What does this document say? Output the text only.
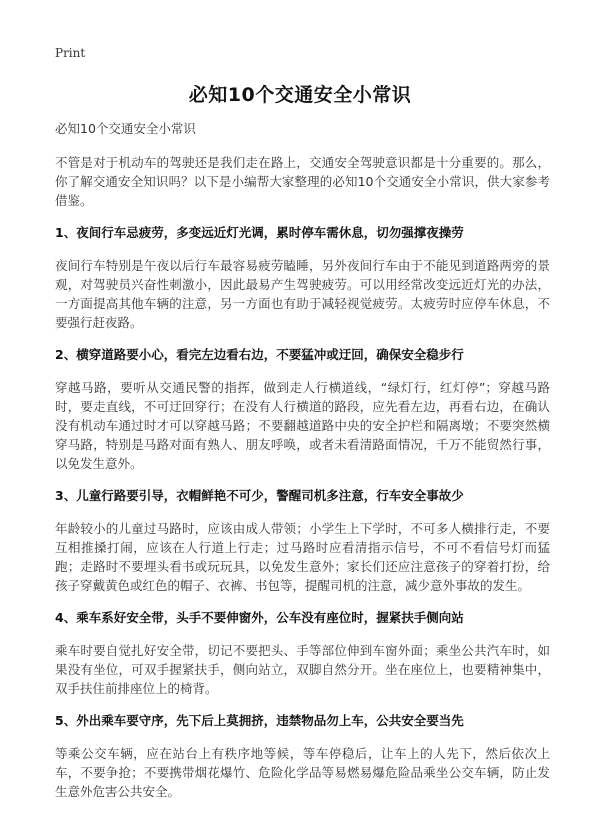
Print
必知10个交通安全小常识

必知10个交通安全小常识

不管是对于机动车的驾驶还是我们走在路上，交通安全驾驶意识都是十分重要的。那么，你了解交通安全知识吗？以下是小编帮大家整理的必知10个交通安全小常识，供大家参考借鉴。

1、夜间行车忌疲劳，多变远近灯光调，累时停车需休息，切勿强撑夜操劳

夜间行车特别是午夜以后行车最容易疲劳瞌睡，另外夜间行车由于不能见到道路两旁的景观，对驾驶员兴奋性刺激小，因此最易产生驾驶疲劳。可以用经常改变远近灯光的办法，一方面提高其他车辆的注意，另一方面也有助于减轻视觉疲劳。太疲劳时应停车休息，不要强行赶夜路。

2、横穿道路要小心，看完左边看右边，不要猛冲或迂回，确保安全稳步行

穿越马路，要听从交通民警的指挥，做到走人行横道线，“绿灯行，红灯停”；穿越马路时，要走直线，不可迂回穿行；在没有人行横道的路段，应先看左边，再看右边，在确认没有机动车通过时才可以穿越马路；不要翻越道路中央的安全护栏和隔离墩；不要突然横穿马路，特别是马路对面有熟人、朋友呼唤，或者未看清路面情况，千万不能贸然行事，以免发生意外。

3、儿童行路要引导，衣帽鲜艳不可少，警醒司机多注意，行车安全事故少

年龄较小的儿童过马路时，应该由成人带领；小学生上下学时，不可多人横排行走，不要互相推搡打闹，应该在人行道上行走；过马路时应看清指示信号，不可不看信号灯而猛跑；走路时不要埋头看书或玩玩具，以免发生意外；家长们还应注意孩子的穿着打扮，给孩子穿戴黄色或红色的帽子、衣裤、书包等，提醒司机的注意，减少意外事故的发生。

4、乘车系好安全带，头手不要伸窗外，公车没有座位时，握紧扶手侧向站

乘车时要自觉扎好安全带，切记不要把头、手等部位伸到车窗外面；乘坐公共汽车时，如果没有坐位，可双手握紧扶手，侧向站立，双脚自然分开。坐在座位上，也要精神集中，双手扶住前排座位上的椅背。

5、外出乘车要守序，先下后上莫拥挤，违禁物品勿上车，公共安全要当先

等乘公交车辆，应在站台上有秩序地等候，等车停稳后，让车上的人先下，然后依次上车，不要争抢；不要携带烟花爆竹、危险化学品等易燃易爆危险品乘坐公交车辆，防止发生意外危害公共安全。
